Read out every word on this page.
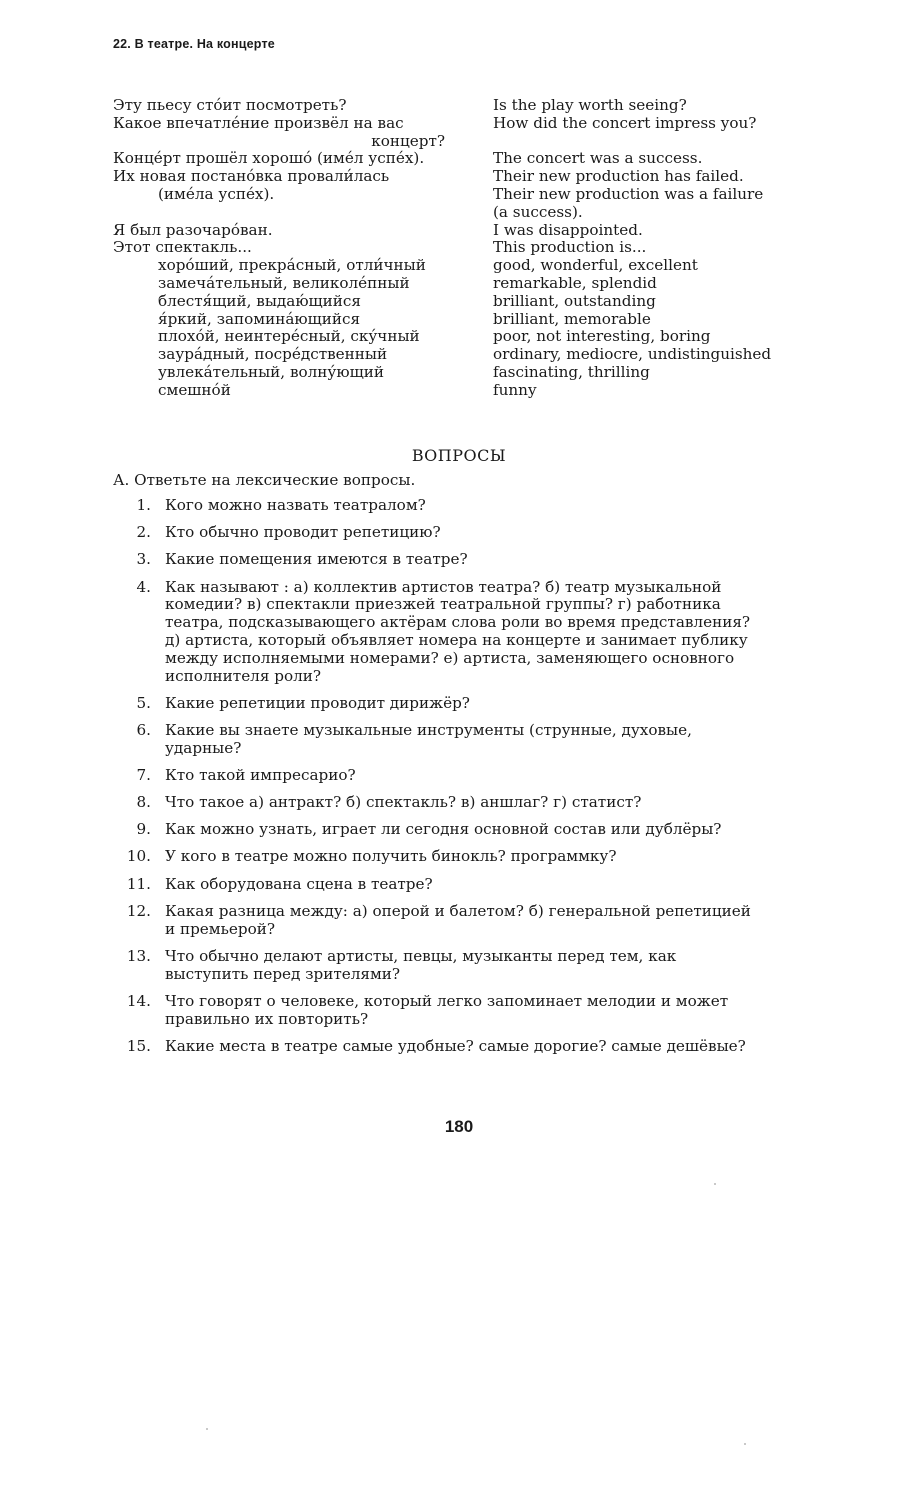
22. В театре. На концерте
Эту пьесу сто́ит посмотреть?
Какое впечатле́ние произвёл на вас
концерт?
Конце́рт прошёл хорошо́ (име́л успе́х).
Их новая постано́вка провали́лась
(име́ла успе́х).
Я был разочаро́ван.
Этот спектакль...
хоро́ший, прекра́сный, отли́чный
замеча́тельный, великоле́пный
блестя́щий, выдаю́щийся
я́ркий, запомина́ющийся
плохо́й, неинтере́сный, ску́чный
заура́дный, посре́дственный
увлека́тельный, волну́ющий
смешно́й
Is the play worth seeing?
How did the concert impress you?
The concert was a success.
Their new production has failed.
Their new production was a failure
(a success).
I was disappointed.
This production is...
good, wonderful, excellent
remarkable, splendid
brilliant, outstanding
brilliant, memorable
poor, not interesting, boring
ordinary, mediocre, undistinguished
fascinating, thrilling
funny
ВОПРОСЫ
А. Ответьте на лексические вопросы.
1. Кого можно назвать театралом?
2. Кто обычно проводит репетицию?
3. Какие помещения имеются в театре?
4. Как называют : а) коллектив артистов театра? б) театр музыкальной
комедии? в) спектакли приезжей театральной группы? г) работника
театра, подсказывающего актёрам слова роли во время представления?
д) артиста, который объявляет номера на концерте и занимает публику
между исполняемыми номерами? е) артиста, заменяющего основного
исполнителя роли?
5. Какие репетиции проводит дирижёр?
6. Какие вы знаете музыкальные инструменты (струнные, духовые,
ударные?
7. Кто такой импресарио?
8. Что такое а) антракт? б) спектакль? в) аншлаг? г) статист?
9. Как можно узнать, играет ли сегодня основной состав или дублёры?
10. У кого в театре можно получить бинокль? программку?
11. Как оборудована сцена в театре?
12. Какая разница между: а) оперой и балетом? б) генеральной репетицией
и премьерой?
13. Что обычно делают артисты, певцы, музыканты перед тем, как
выступить перед зрителями?
14. Что говорят о человеке, который легко запоминает мелодии и может
правильно их повторить?
15. Какие места в театре самые удобные? самые дорогие? самые дешёвые?
180
